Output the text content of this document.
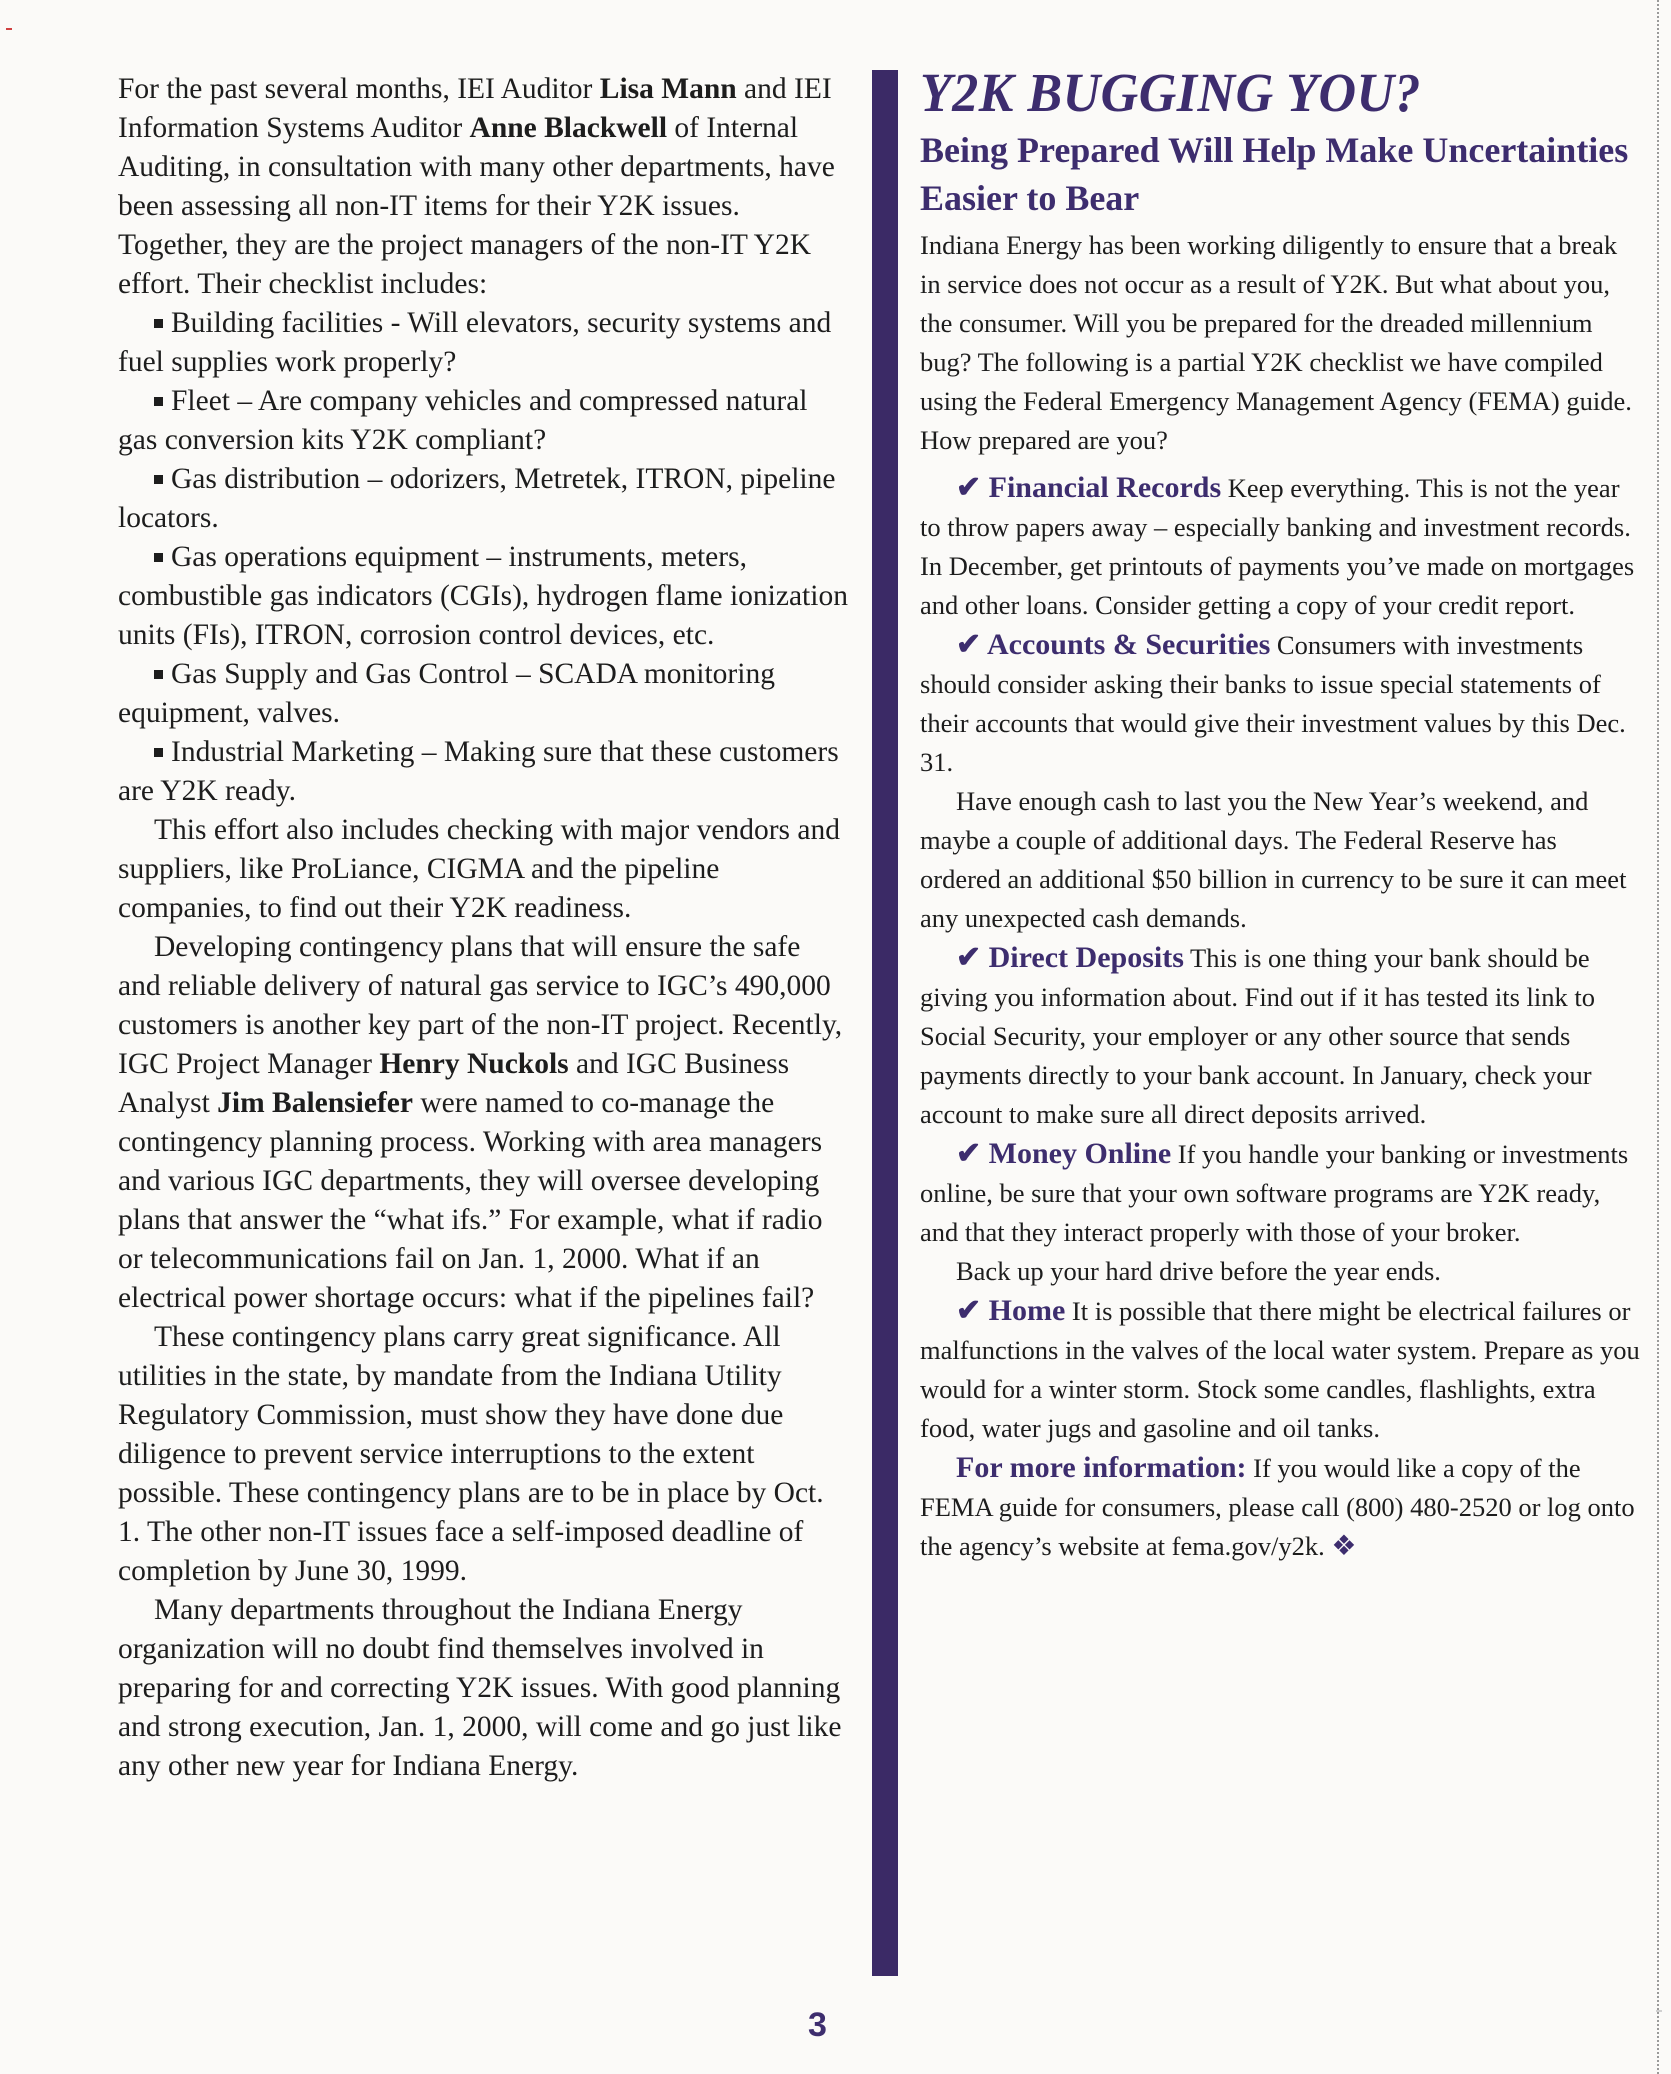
For the past several months, IEI Auditor Lisa Mann and IEI Information Systems Auditor Anne Blackwell of Internal Auditing, in consultation with many other departments, have been assessing all non-IT items for their Y2K issues. Together, they are the project managers of the non-IT Y2K effort. Their checklist includes:

Building facilities - Will elevators, security systems and fuel supplies work properly?

Fleet – Are company vehicles and compressed natural gas conversion kits Y2K compliant?

Gas distribution – odorizers, Metretek, ITRON, pipeline locators.

Gas operations equipment – instruments, meters, combustible gas indicators (CGIs), hydrogen flame ionization units (FIs), ITRON, corrosion control devices, etc.

Gas Supply and Gas Control – SCADA monitoring equipment, valves.

Industrial Marketing – Making sure that these customers are Y2K ready.

This effort also includes checking with major vendors and suppliers, like ProLiance, CIGMA and the pipeline companies, to find out their Y2K readiness.

Developing contingency plans that will ensure the safe and reliable delivery of natural gas service to IGC’s 490,000 customers is another key part of the non-IT project. Recently, IGC Project Manager Henry Nuckols and IGC Business Analyst Jim Balensiefer were named to co-manage the contingency planning process. Working with area managers and various IGC departments, they will oversee developing plans that answer the “what ifs.” For example, what if radio or telecommunications fail on Jan. 1, 2000. What if an electrical power shortage occurs: what if the pipelines fail?

These contingency plans carry great significance. All utilities in the state, by mandate from the Indiana Utility Regulatory Commission, must show they have done due diligence to prevent service interruptions to the extent possible. These contingency plans are to be in place by Oct. 1. The other non-IT issues face a self-imposed deadline of completion by June 30, 1999.

Many departments throughout the Indiana Energy organization will no doubt find themselves involved in preparing for and correcting Y2K issues. With good planning and strong execution, Jan. 1, 2000, will come and go just like any other new year for Indiana Energy.

Y2K BUGGING YOU?
Being Prepared Will Help Make Uncertainties Easier to Bear

Indiana Energy has been working diligently to ensure that a break in service does not occur as a result of Y2K. But what about you, the consumer. Will you be prepared for the dreaded millennium bug? The following is a partial Y2K checklist we have compiled using the Federal Emergency Management Agency (FEMA) guide. How prepared are you?

✔ Financial Records Keep everything. This is not the year to throw papers away – especially banking and investment records. In December, get printouts of payments you’ve made on mortgages and other loans. Consider getting a copy of your credit report.

✔ Accounts & Securities Consumers with investments should consider asking their banks to issue special statements of their accounts that would give their investment values by this Dec. 31.

Have enough cash to last you the New Year’s weekend, and maybe a couple of additional days. The Federal Reserve has ordered an additional $50 billion in currency to be sure it can meet any unexpected cash demands.

✔ Direct Deposits This is one thing your bank should be giving you information about. Find out if it has tested its link to Social Security, your employer or any other source that sends payments directly to your bank account. In January, check your account to make sure all direct deposits arrived.

✔ Money Online If you handle your banking or investments online, be sure that your own software programs are Y2K ready, and that they interact properly with those of your broker.

Back up your hard drive before the year ends.

✔ Home It is possible that there might be electrical failures or malfunctions in the valves of the local water system. Prepare as you would for a winter storm. Stock some candles, flashlights, extra food, water jugs and gasoline and oil tanks.

For more information: If you would like a copy of the FEMA guide for consumers, please call (800) 480-2520 or log onto the agency’s website at fema.gov/y2k. ❖

3
